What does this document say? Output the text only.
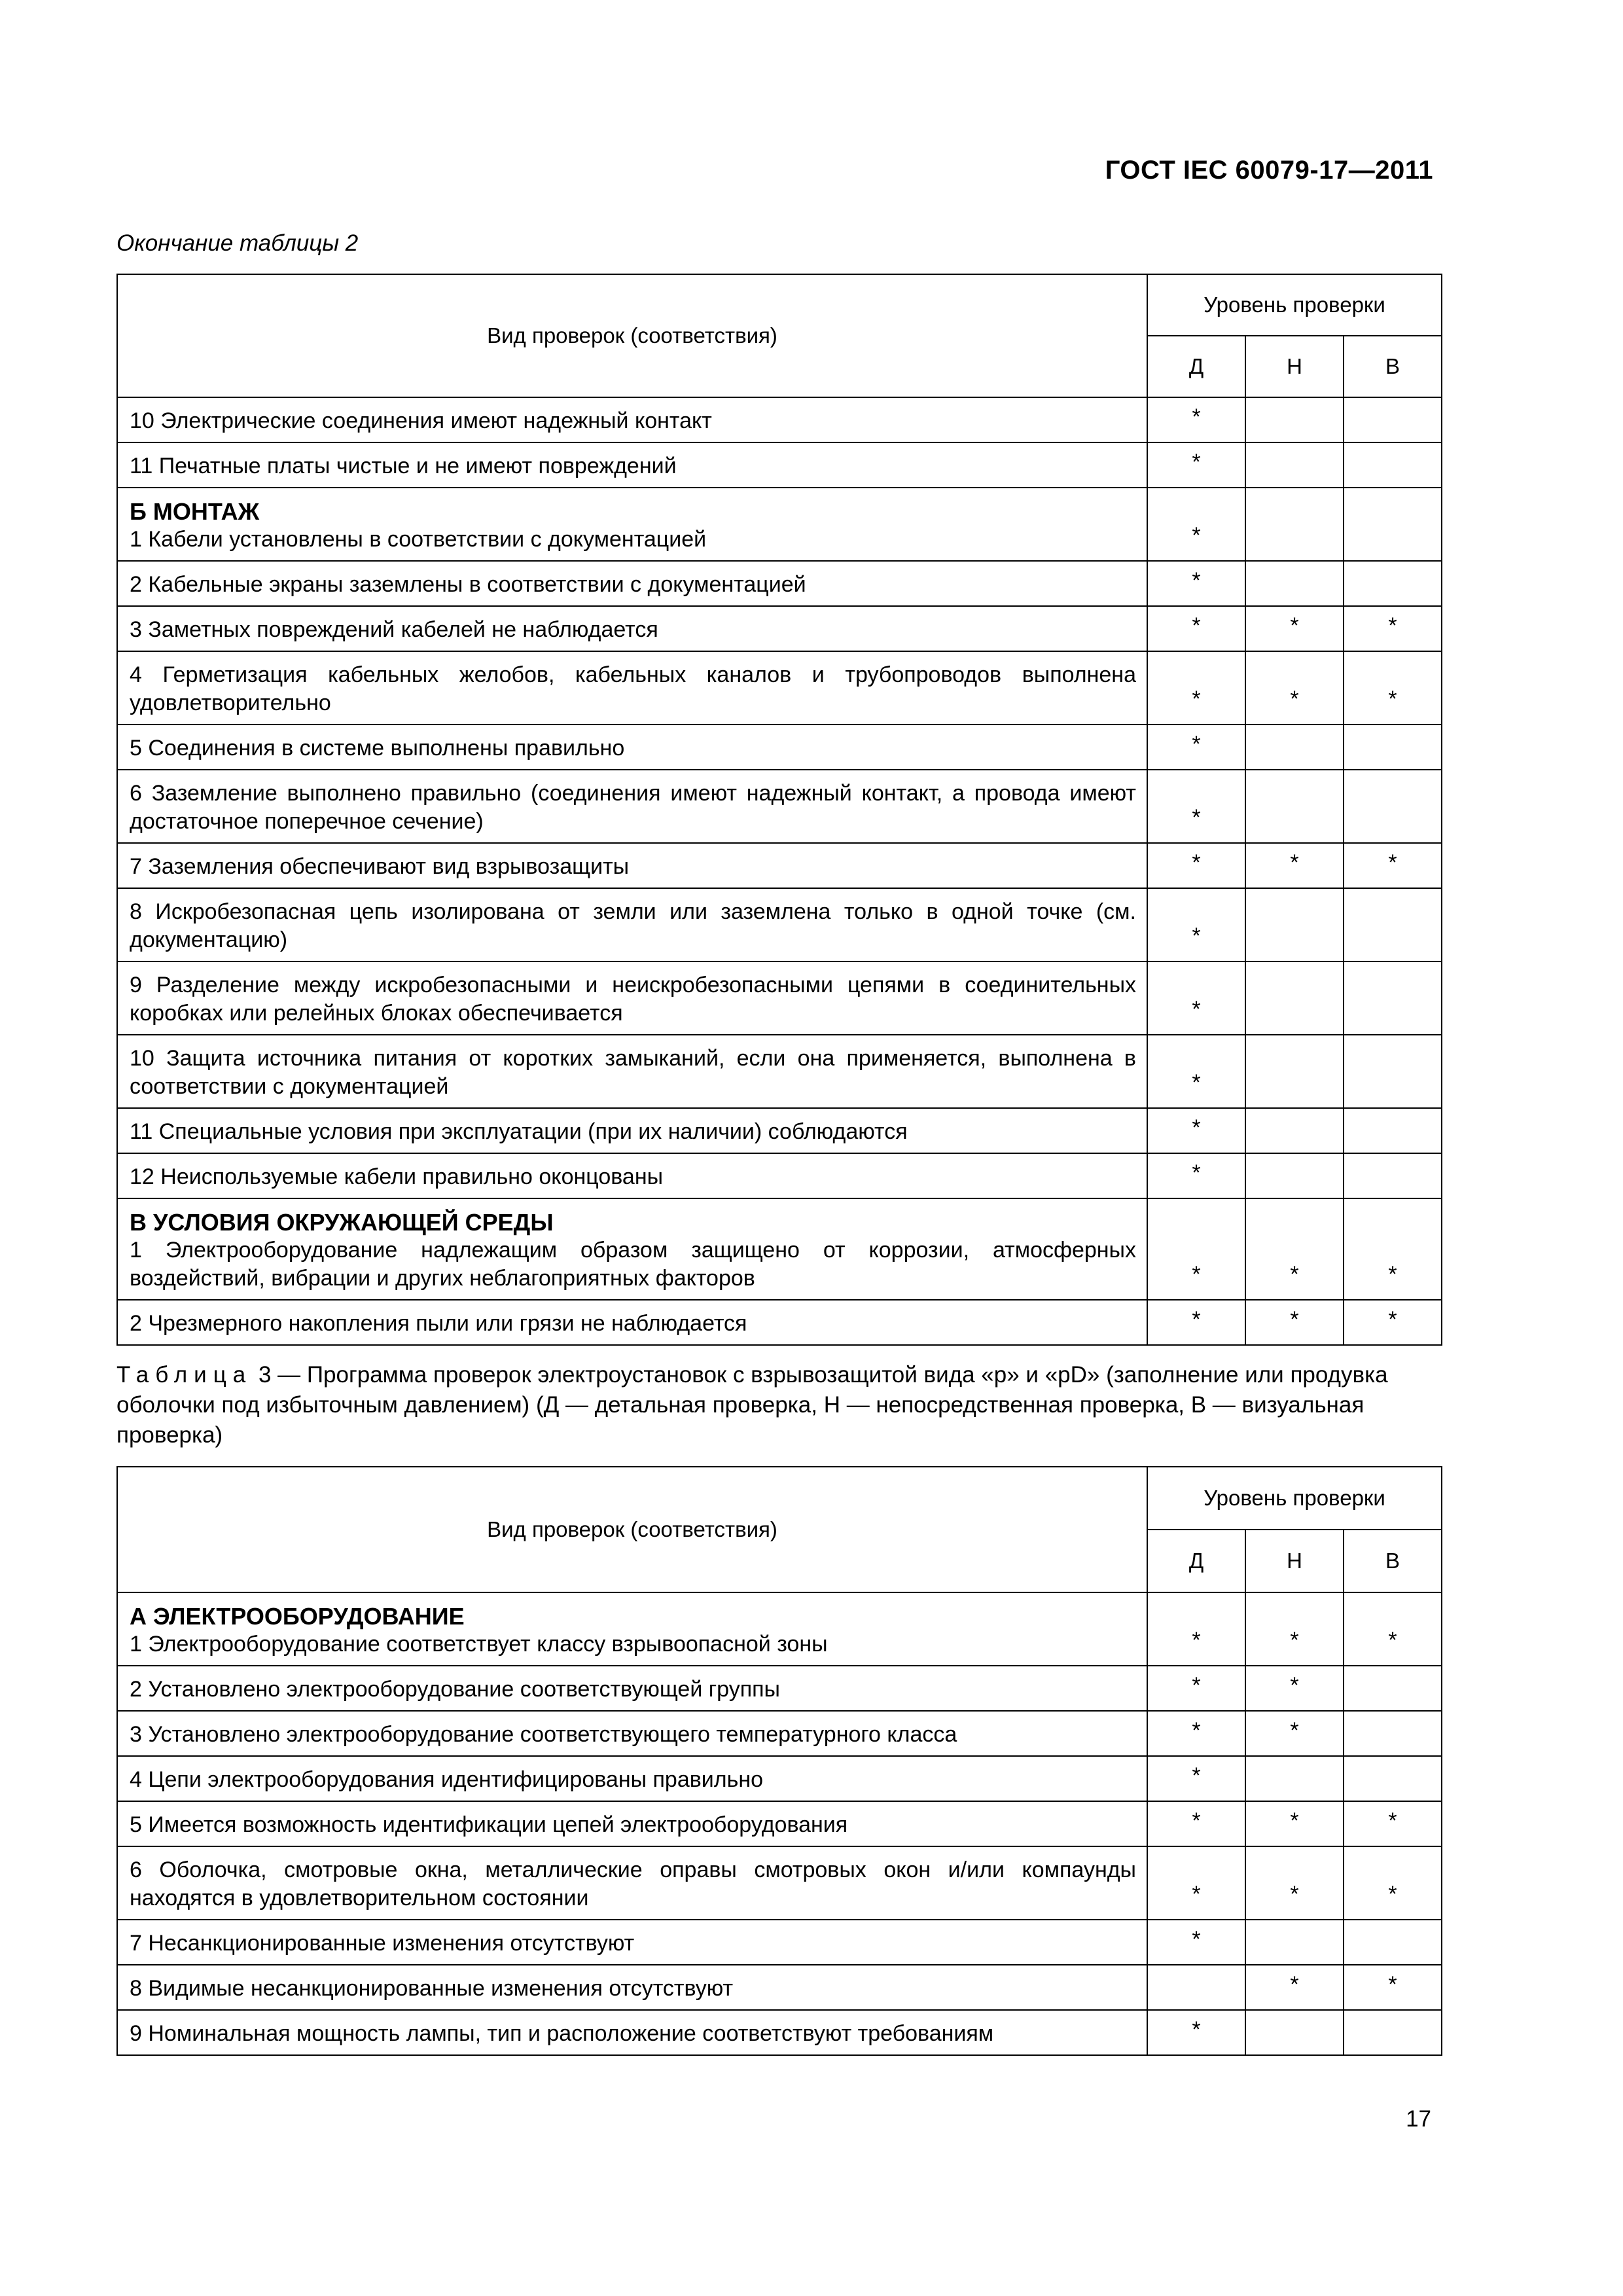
ГОСТ IEC 60079-17—2011
Окончание таблицы 2
Вид проверок (соответствия)	Уровень проверки		
	Д	Н	В
10 Электрические соединения имеют надежный контакт	*		
11 Печатные платы чистые и не имеют повреждений	*		

Б МОНТАЖ
1 Кабели установлены в соответствии с документацией	*		
2 Кабельные экраны заземлены в соответствии с документацией	*		
3 Заметных повреждений кабелей не наблюдается	*	*	*
4 Герметизация кабельных желобов, кабельных каналов и трубопроводов выполнена удовлетворительно	*	*	*
5 Соединения в системе выполнены правильно	*		
6 Заземление выполнено правильно (соединения имеют надежный контакт, а провода имеют достаточное поперечное сечение)	*		
7 Заземления обеспечивают вид взрывозащиты	*	*	*
8 Искробезопасная цепь изолирована от земли или заземлена только в одной точке (см. документацию)	*		
9 Разделение между искробезопасными и неискробезопасными цепями в соединительных коробках или релейных блоках обеспечивается	*		
10 Защита источника питания от коротких замыканий, если она применяется, выполнена в соответствии с документацией	*		
11 Специальные условия при эксплуатации (при их наличии) соблюдаются	*		
12 Неиспользуемые кабели правильно оконцованы	*		

В УСЛОВИЯ ОКРУЖАЮЩЕЙ СРЕДЫ
1 Электрооборудование надлежащим образом защищено от коррозии, атмосферных воздействий, вибрации и других неблагоприятных факторов	*	*	*
2 Чрезмерного накопления пыли или грязи не наблюдается	*	*	*
Таблица 3 — Программа проверок электроустановок с взрывозащитой вида «р» и «pD» (заполнение или продувка оболочки под избыточным давлением) (Д — детальная проверка, Н — непосредственная проверка, В — визуальная проверка)
Вид проверок (соответствия)	Уровень проверки		
	Д	Н	В

А ЭЛЕКТРООБОРУДОВАНИЕ
1 Электрооборудование соответствует классу взрывоопасной зоны	*	*	*
2 Установлено электрооборудование соответствующей группы	*	*	
3 Установлено электрооборудование соответствующего температурного класса	*	*	
4 Цепи электрооборудования идентифицированы правильно	*		
5 Имеется возможность идентификации цепей электрооборудования	*	*	*
6 Оболочка, смотровые окна, металлические оправы смотровых окон и/или компаунды находятся в удовлетворительном состоянии	*	*	*
7 Несанкционированные изменения отсутствуют	*		
8 Видимые несанкционированные изменения отсутствуют		*	*
9 Номинальная мощность лампы, тип и расположение соответствуют требованиям	*		
17
